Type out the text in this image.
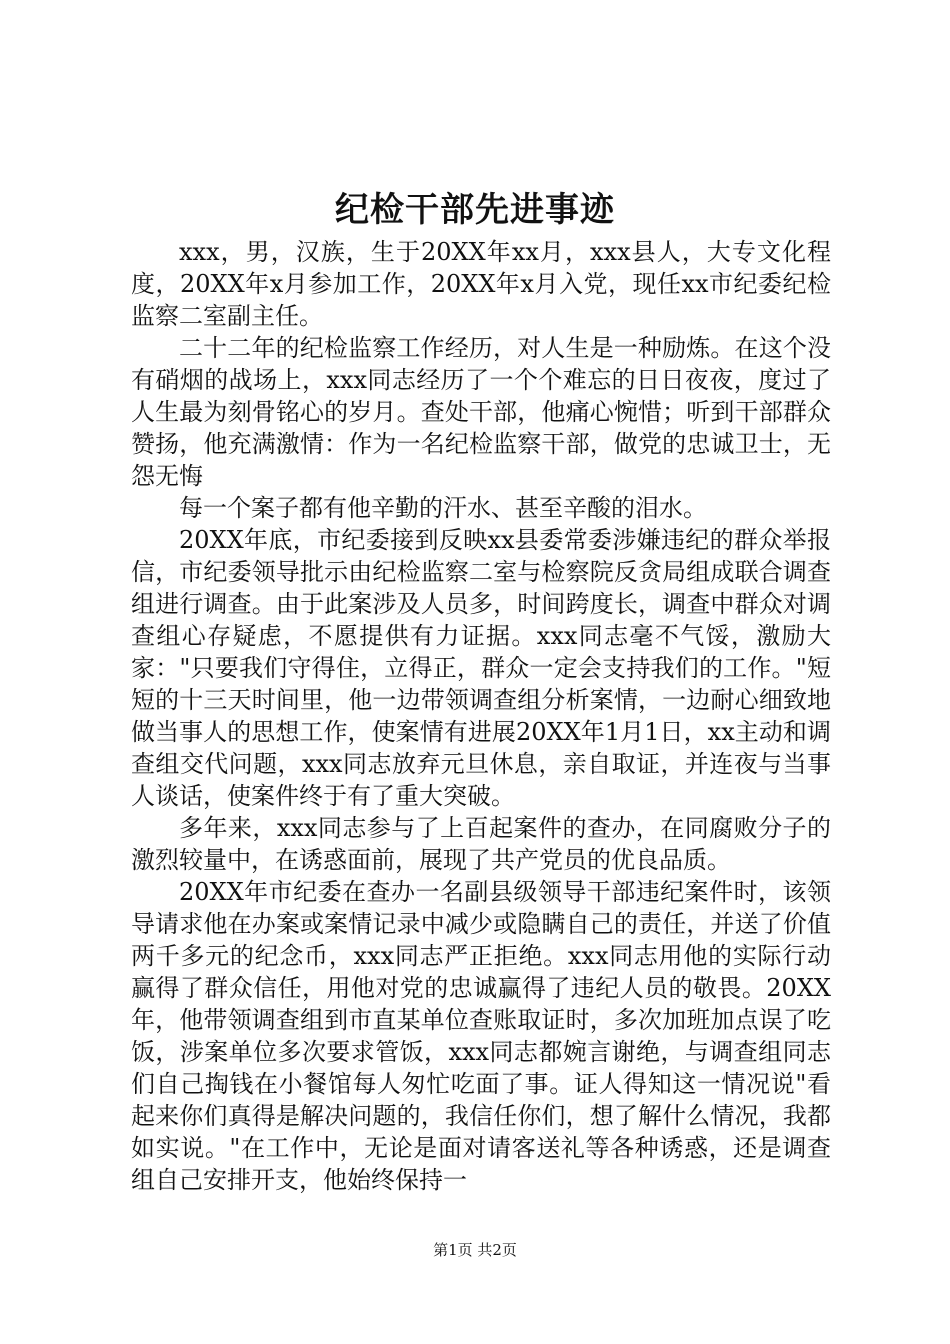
纪检干部先进事迹

xxx，男，汉族，生于20XX年xx月，xxx县人，大专文化程度，20XX年x月参加工作，20XX年x月入党，现任xx市纪委纪检监察二室副主任。

二十二年的纪检监察工作经历，对人生是一种励炼。在这个没有硝烟的战场上，xxx同志经历了一个个难忘的日日夜夜，度过了人生最为刻骨铭心的岁月。查处干部，他痛心惋惜；听到干部群众赞扬，他充满激情：作为一名纪检监察干部，做党的忠诚卫士，无怨无悔

每一个案子都有他辛勤的汗水、甚至辛酸的泪水。

20XX年底，市纪委接到反映xx县委常委涉嫌违纪的群众举报信，市纪委领导批示由纪检监察二室与检察院反贪局组成联合调查组进行调查。由于此案涉及人员多，时间跨度长，调查中群众对调查组心存疑虑，不愿提供有力证据。xxx同志毫不气馁，激励大家："只要我们守得住，立得正，群众一定会支持我们的工作。"短短的十三天时间里，他一边带领调查组分析案情，一边耐心细致地做当事人的思想工作，使案情有进展20XX年1月1日，xx主动和调查组交代问题，xxx同志放弃元旦休息，亲自取证，并连夜与当事人谈话，使案件终于有了重大突破。

多年来，xxx同志参与了上百起案件的查办，在同腐败分子的激烈较量中，在诱惑面前，展现了共产党员的优良品质。

20XX年市纪委在查办一名副县级领导干部违纪案件时，该领导请求他在办案或案情记录中减少或隐瞒自己的责任，并送了价值两千多元的纪念币，xxx同志严正拒绝。xxx同志用他的实际行动赢得了群众信任，用他对党的忠诚赢得了违纪人员的敬畏。20XX年，他带领调查组到市直某单位查账取证时，多次加班加点误了吃饭，涉案单位多次要求管饭，xxx同志都婉言谢绝，与调查组同志们自己掏钱在小餐馆每人匆忙吃面了事。证人得知这一情况说"看起来你们真得是解决问题的，我信任你们，想了解什么情况，我都如实说。"在工作中，无论是面对请客送礼等各种诱惑，还是调查组自己安排开支，他始终保持一

第1页 共2页
